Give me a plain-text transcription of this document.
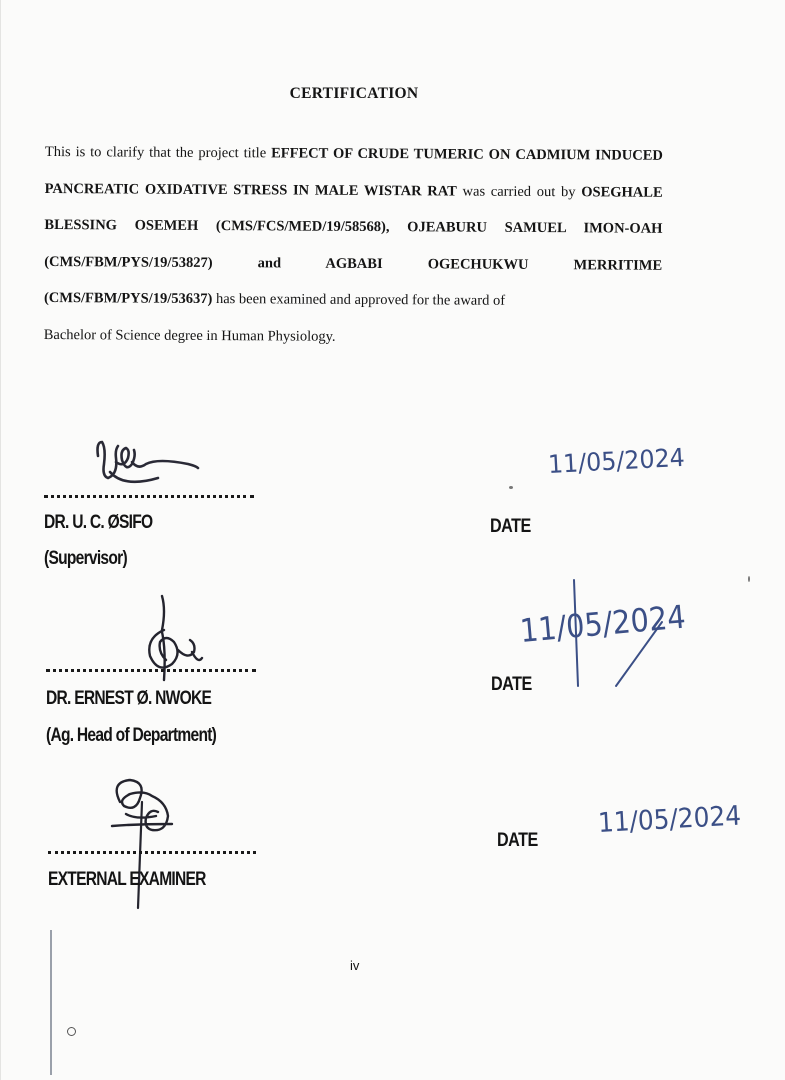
CERTIFICATION
This is to clarify that the project title EFFECT OF CRUDE TUMERIC ON CADMIUM INDUCED PANCREATIC OXIDATIVE STRESS IN MALE WISTAR RAT was carried out by OSEGHALE BLESSING OSEMEH (CMS/FCS/MED/19/58568), OJEABURU SAMUEL IMON-OAH (CMS/FBM/PYS/19/53827) and AGBABI OGECHUKWU MERRITIME (CMS/FBM/PYS/19/53637) has been examined and approved for the award of
Bachelor of Science degree in Human Physiology.
DR. U. C. ØSIFO
(Supervisor)
11/05/2024
DATE
DR. ERNEST Ø. NWOKE
(Ag. Head of Department)
11/05/2024
DATE
EXTERNAL EXAMINER
11/05/2024
DATE
iv
